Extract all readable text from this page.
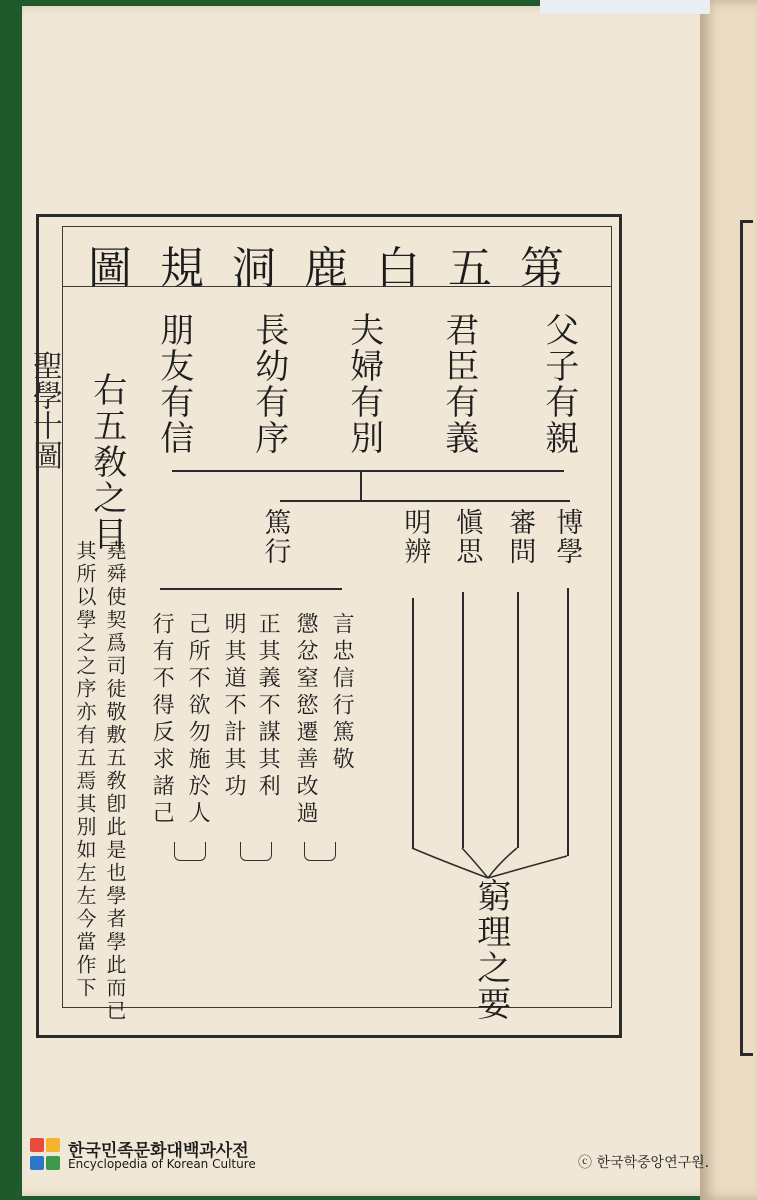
聖學十圖
第五白鹿洞規圖
父子有親
君臣有義
夫婦有別
長幼有序
朋友有信
右五敎之目	博學
審問
愼思
明辨
篤行
窮理之要
言忠信行篤敬
懲忿窒慾遷善改過
正其義不謀其利
明其道不計其功
己所不欲勿施於人
行有不得反求諸己
堯舜使契爲司徒敬敷五敎卽此是也學者學此而已
其所以學之之序亦有五焉其別如左左今當作下
한국민족문화대백과사전
Encyclopedia of Korean Culture	ⓒ 한국학중앙연구원.
